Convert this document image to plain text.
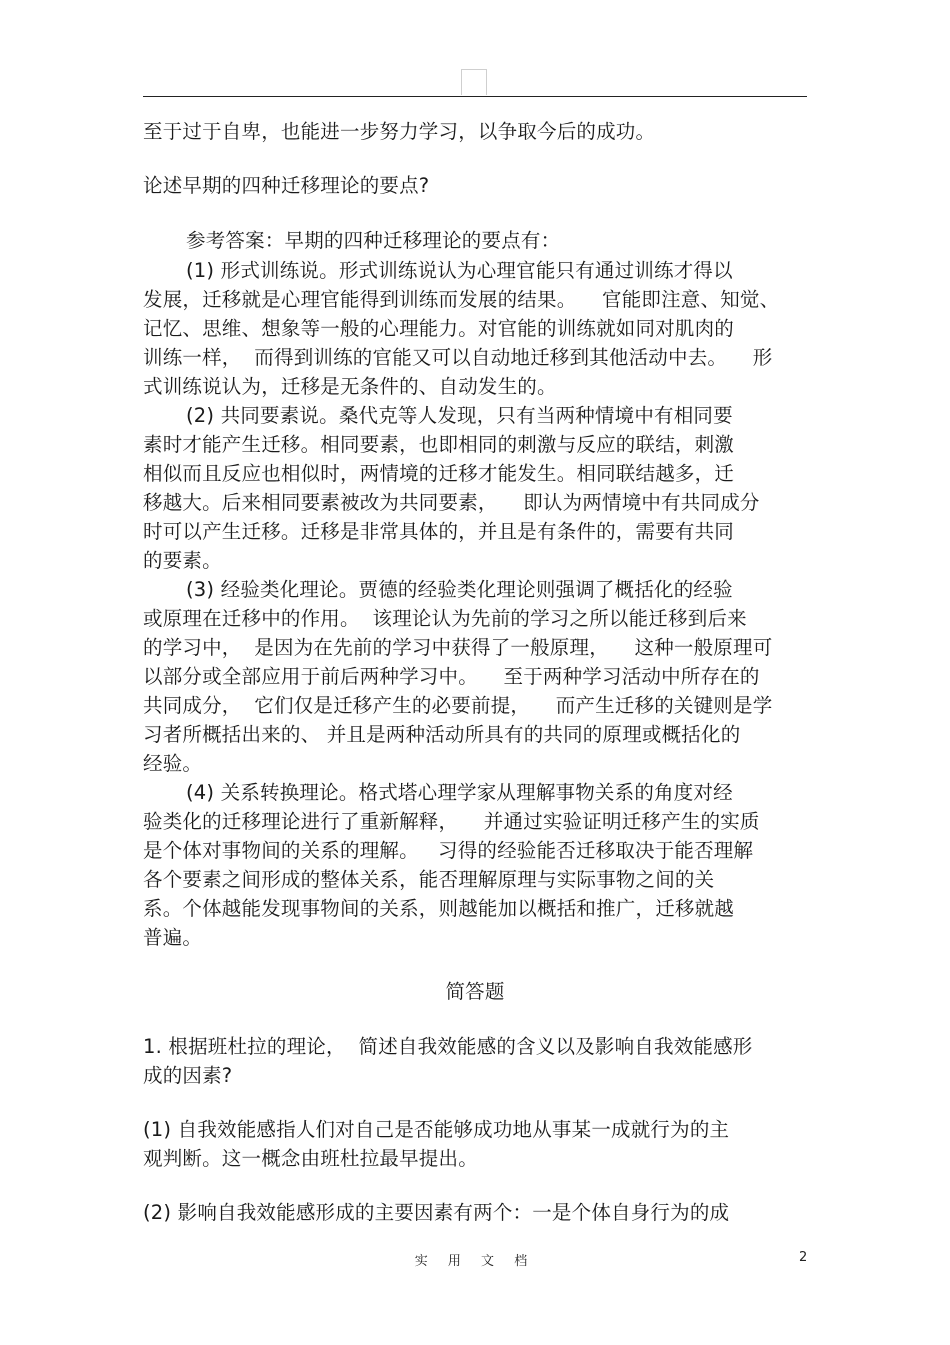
至于过于自卑，也能进一步努力学习，以争取今后的成功。
论述早期的四种迁移理论的要点?
参考答案：早期的四种迁移理论的要点有：
(1) 形式训练说。形式训练说认为心理官能只有通过训练才得以
发展，迁移就是心理官能得到训练而发展的结果。    官能即注意、知觉、
记忆、思维、想象等一般的心理能力。对官能的训练就如同对肌肉的
训练一样，  而得到训练的官能又可以自动地迁移到其他活动中去。    形
式训练说认为，迁移是无条件的、自动发生的。
(2) 共同要素说。桑代克等人发现，只有当两种情境中有相同要
素时才能产生迁移。相同要素，也即相同的刺激与反应的联结，刺激
相似而且反应也相似时，两情境的迁移才能发生。相同联结越多，迁
移越大。后来相同要素被改为共同要素，    即认为两情境中有共同成分
时可以产生迁移。迁移是非常具体的，并且是有条件的，需要有共同
的要素。
(3) 经验类化理论。贾德的经验类化理论则强调了概括化的经验
或原理在迁移中的作用。  该理论认为先前的学习之所以能迁移到后来
的学习中，  是因为在先前的学习中获得了一般原理，    这种一般原理可
以部分或全部应用于前后两种学习中。    至于两种学习活动中所存在的
共同成分，  它们仅是迁移产生的必要前提，    而产生迁移的关键则是学
习者所概括出来的、 并且是两种活动所具有的共同的原理或概括化的
经验。
(4) 关系转换理论。格式塔心理学家从理解事物关系的角度对经
验类化的迁移理论进行了重新解释，    并通过实验证明迁移产生的实质
是个体对事物间的关系的理解。   习得的经验能否迁移取决于能否理解
各个要素之间形成的整体关系，能否理解原理与实际事物之间的关
系。个体越能发现事物间的关系，则越能加以概括和推广，迁移就越
普遍。
简答题
1. 根据班杜拉的理论，  简述自我效能感的含义以及影响自我效能感形
成的因素?
(1) 自我效能感指人们对自己是否能够成功地从事某一成就行为的主
观判断。这一概念由班杜拉最早提出。
(2) 影响自我效能感形成的主要因素有两个：一是个体自身行为的成
实 用 文 档	2
